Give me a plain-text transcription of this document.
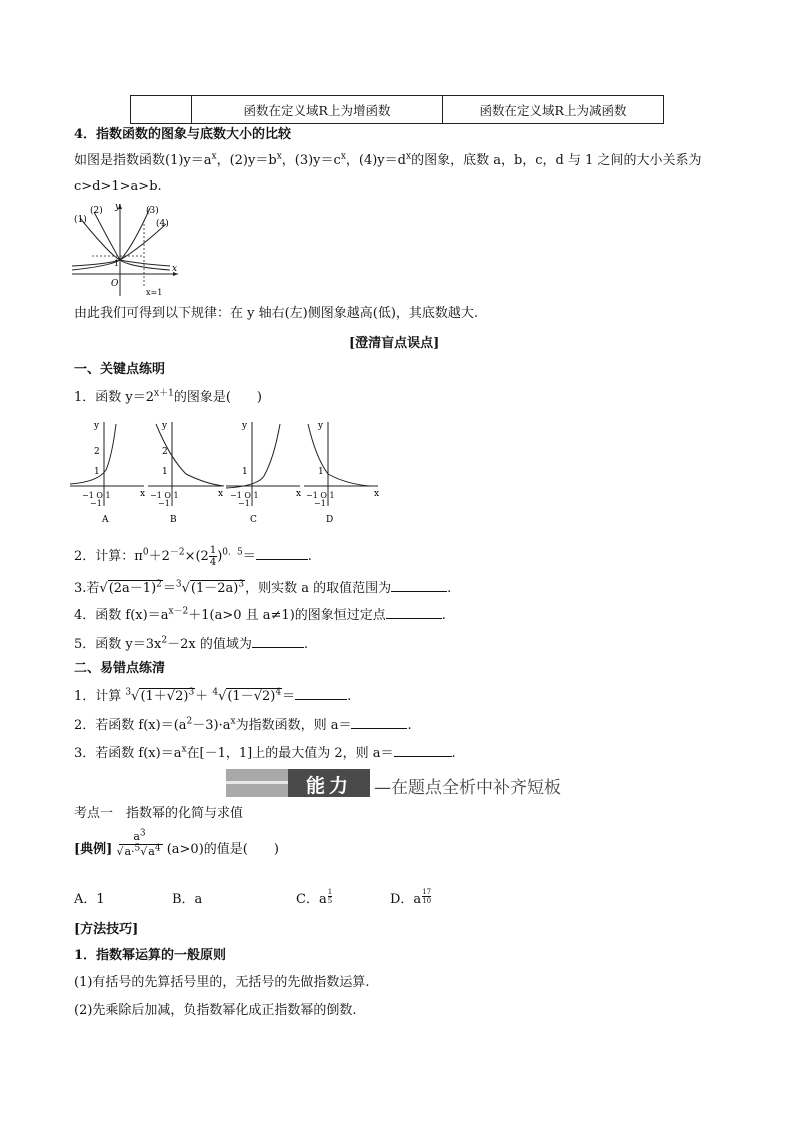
	函数在定义域R上为增函数	函数在定义域R上为减函数
4．指数函数的图象与底数大小的比较
如图是指数函数$(1)y=a^x$，$(2)y=b^x$，$(3)y=c^x$，$(4)y=d^x$的图象，底数 a，b，c，d 与 1 之间的大小关系为
c>d>1>a>b.
(1)
(2)	(3)
(4)
y
x
O
1
x=1
由此我们可得到以下规律：在 y 轴右(左)侧图象越高(低)，其底数越大.
[澄清盲点误点]
一、关键点练明
1．函数 $y=2^{x+1}$的图象是(　　)
y
x
2
1
−1 O 1
−1
A
y
x
2
1
−1 O 1
−1
B
y
x
1
−1 O 1
−1
C
y
x
1
−1 O 1
−1
D
2．计算：$\pi^0+2^{-2}\times(2 \frac{1}{4} )^{0.5}=$	.
3.若$√(2a-1)^2=^3√(1-2a)^3$，则实数 a 的取值范围为	.
4．函数 $f(x)=a^{x-2}+1(a>0$ 且 a≠1)的图象恒过定点	.
5．函数 $y=3x^2-2x$ 的值域为	.
二、易错点练清
1．计算 $^3√(1+√2)^3+ ^4√(1-√2)^4=$	.
2．若函数 $f(x)=(a^2-3)\cdot a^x$为指数函数，则 a＝	.
3．若函数 $f(x)=a^x$在[－1，1]上的最大值为 2，则 a＝	.
能力	—在题点全析中补齐短板
考点一　指数幂的化简与求值
[典例] $\frac{a^3}{√a\cdot^5√a^4} (a>0)$的值是(　　)
A．1	B．a	C．a $\frac{1}{5}$	D．a $\frac{17}{10}$
[方法技巧]
1．指数幂运算的一般原则
(1)有括号的先算括号里的，无括号的先做指数运算.
(2)先乘除后加减，负指数幂化成正指数幂的倒数.
